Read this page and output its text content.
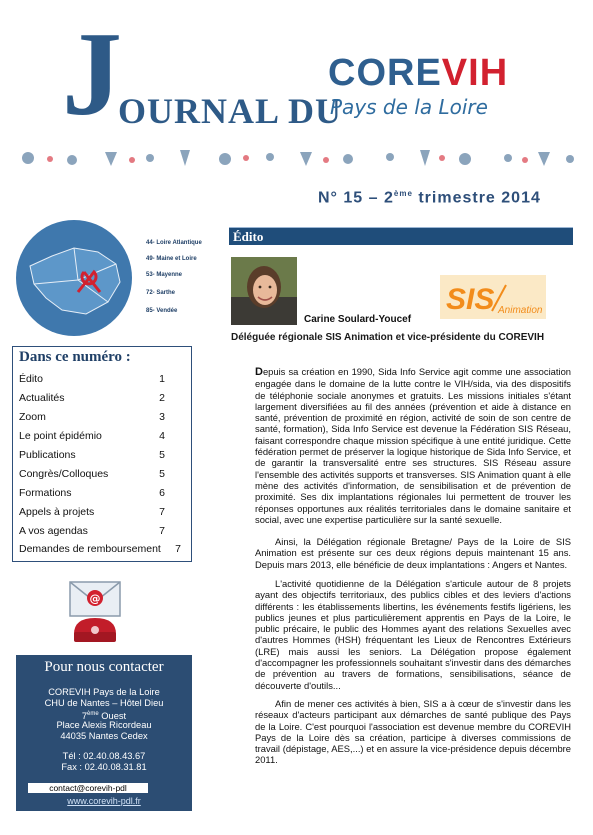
J
OURNAL DU
COREVIH
Pays de la Loire
N° 15 – 2ème trimestre 2014
44- Loire Atlantique
49- Maine et Loire
53- Mayenne
72- Sarthe
85- Vendée
Dans ce numéro :
Édito	1
Actualités	2
Zoom	3
Le point épidémio	4
Publications	5
Congrès/Colloques	5
Formations	6
Appels à projets	7
A vos agendas	7
Demandes de remboursement 7
@
Pour nous contacter
COREVIH Pays de la Loire
CHU de Nantes – Hôtel Dieu
7ème Ouest
Place Alexis Ricordeau
44035 Nantes Cedex
Tél : 02.40.08.43.67
Fax : 02.40.08.31.81
contact@corevih-pdl
www.corevih-pdl.fr
Édito
Carine Soulard-Youcef
SIS Animation
Déléguée régionale SIS Animation et vice-présidente du COREVIH

Depuis sa création en 1990, Sida Info Service agit comme une association engagée dans le domaine de la lutte contre le VIH/sida, via des dispositifs de téléphonie sociale anonymes et gratuits. Les missions initiales s'étant largement diversifiées au fil des années (prévention et aide à distance en santé, prévention de proximité en région, activité de soin de son centre de santé, formation), Sida Info Service est devenue la Fédération SIS Réseau, faisant correspondre chaque mission spécifique à une entité juridique. Cette fédération permet de préserver la logique historique de Sida Info Service, et de garantir la transversalité entre ses structures. SIS Réseau assure l'ensemble des activités supports et transverses. SIS Animation quant à elle mène des activités d'information, de sensibilisation et de prévention de proximité. Ses dix implantations régionales lui permettent de trouver les réponses opportunes aux réalités territoriales dans le domaine sanitaire et social, avec une expertise particulière sur la santé sexuelle.

Ainsi, la Délégation régionale Bretagne/ Pays de la Loire de SIS Animation est présente sur ces deux régions depuis maintenant 15 ans. Depuis mars 2013, elle bénéficie de deux implantations : Angers et Nantes.

L'activité quotidienne de la Délégation s'articule autour de 8 projets ayant des objectifs territoriaux, des publics cibles et des leviers d'actions différents : les établissements libertins, les événements festifs ligériens, les publics jeunes et plus particulièrement apprentis en Pays de la Loire, le public précaire, le public des Hommes ayant des relations Sexuelles avec d'autres Hommes (HSH) fréquentant les Lieux de Rencontres Extérieurs (LRE) mais aussi les seniors. La Délégation propose également d'accompagner les professionnels souhaitant s'investir dans des démarches de prévention au travers de formations, sensibilisations, séance de découverte d'outils...

Afin de mener ces activités à bien, SIS a à cœur de s'investir dans les réseaux d'acteurs participant aux démarches de santé publique des Pays de la Loire. C'est pourquoi l'association est devenue membre du COREVIH Pays de la Loire dès sa création, participe à diverses commissions de travail (dépistage, AES,...) et en assure la vice-présidence depuis décembre 2011.
